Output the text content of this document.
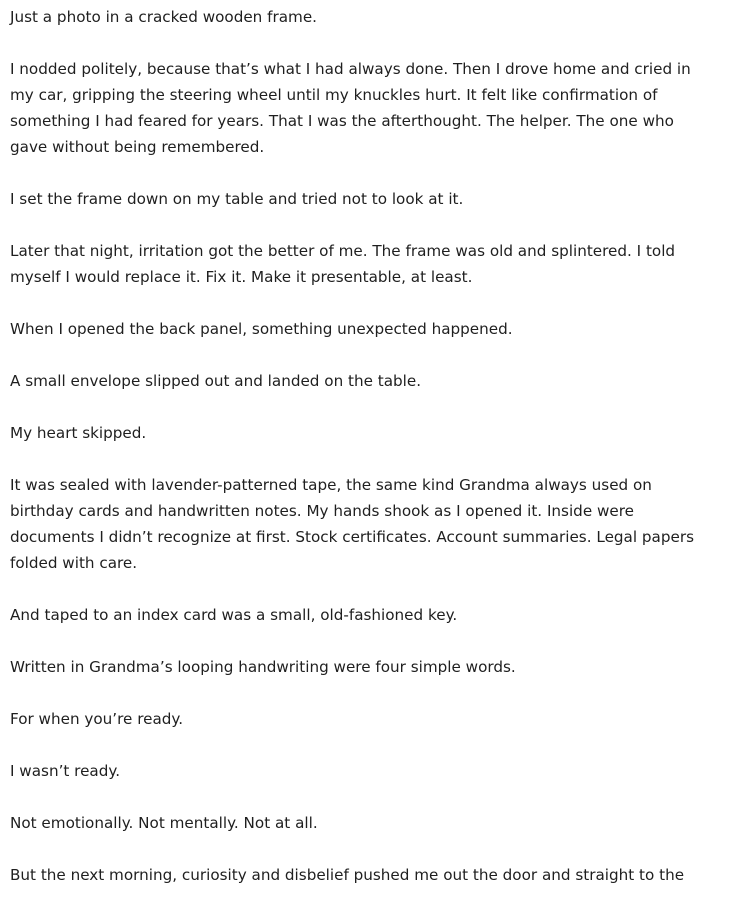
Just a photo in a cracked wooden frame.

I nodded politely, because that’s what I had always done. Then I drove home and cried in my car, gripping the steering wheel until my knuckles hurt. It felt like confirmation of something I had feared for years. That I was the afterthought. The helper. The one who gave without being remembered.

I set the frame down on my table and tried not to look at it.

Later that night, irritation got the better of me. The frame was old and splintered. I told myself I would replace it. Fix it. Make it presentable, at least.

When I opened the back panel, something unexpected happened.

A small envelope slipped out and landed on the table.

My heart skipped.

It was sealed with lavender-patterned tape, the same kind Grandma always used on birthday cards and handwritten notes. My hands shook as I opened it. Inside were documents I didn’t recognize at first. Stock certificates. Account summaries. Legal papers folded with care.

And taped to an index card was a small, old-fashioned key.

Written in Grandma’s looping handwriting were four simple words.

For when you’re ready.

I wasn’t ready.

Not emotionally. Not mentally. Not at all.

But the next morning, curiosity and disbelief pushed me out the door and straight to the
